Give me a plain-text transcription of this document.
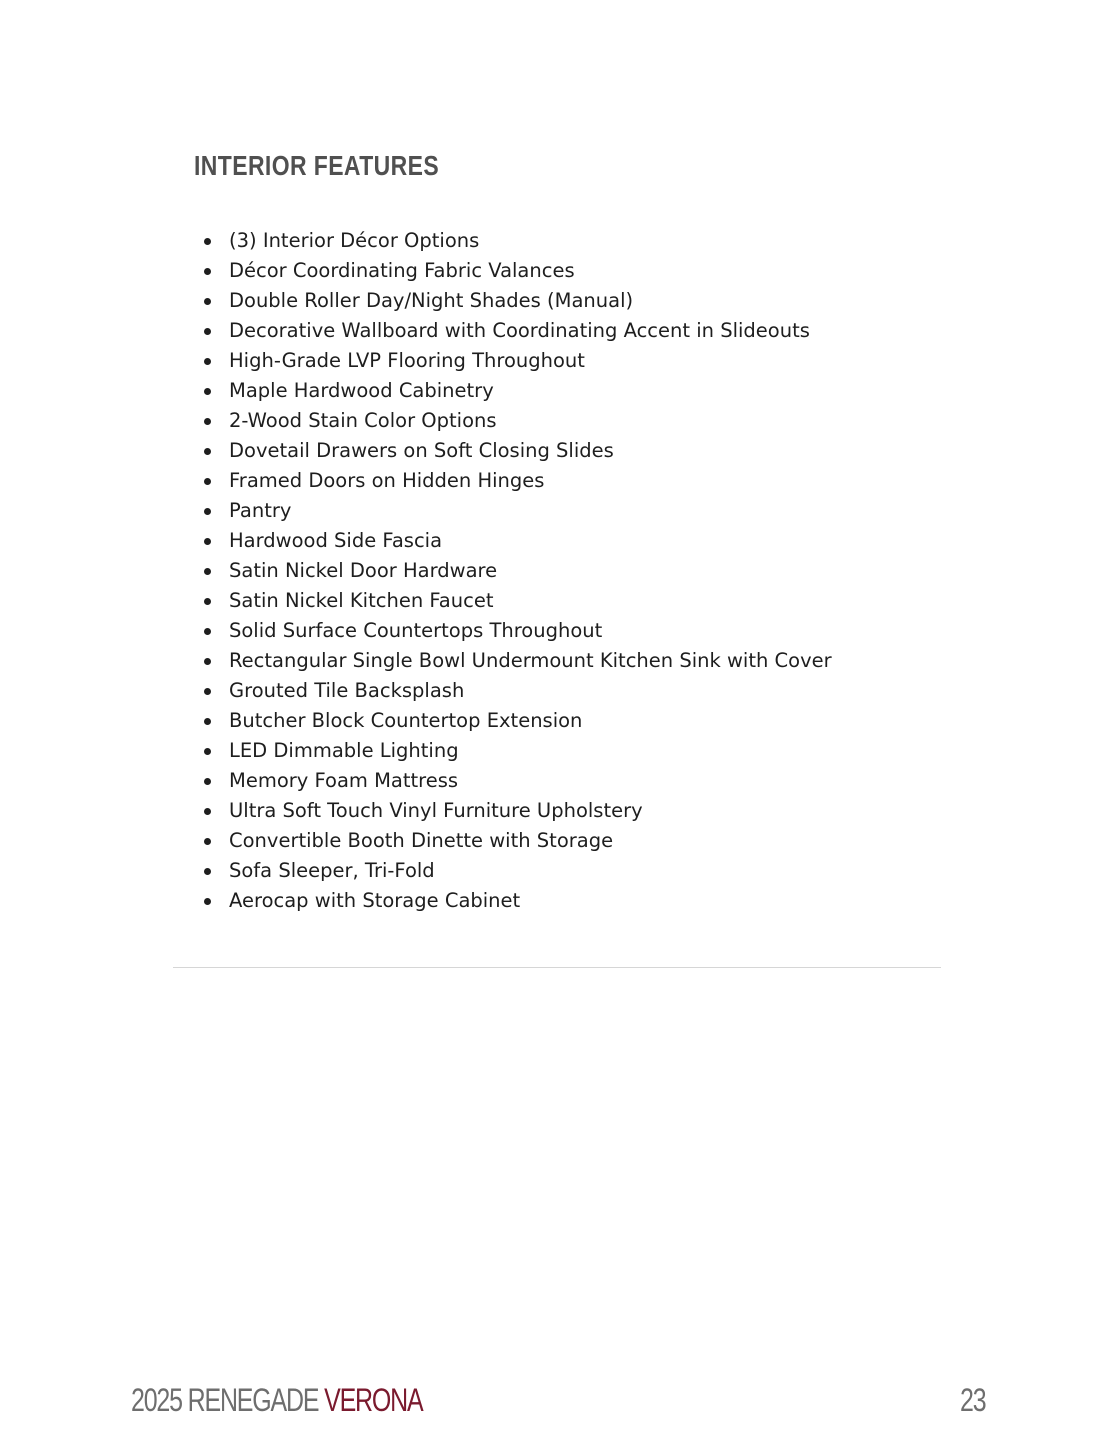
INTERIOR FEATURES
(3) Interior Décor Options
Décor Coordinating Fabric Valances
Double Roller Day/Night Shades (Manual)
Decorative Wallboard with Coordinating Accent in Slideouts
High-Grade LVP Flooring Throughout
Maple Hardwood Cabinetry
2-Wood Stain Color Options
Dovetail Drawers on Soft Closing Slides
Framed Doors on Hidden Hinges
Pantry
Hardwood Side Fascia
Satin Nickel Door Hardware
Satin Nickel Kitchen Faucet
Solid Surface Countertops Throughout
Rectangular Single Bowl Undermount Kitchen Sink with Cover
Grouted Tile Backsplash
Butcher Block Countertop Extension
LED Dimmable Lighting
Memory Foam Mattress
Ultra Soft Touch Vinyl Furniture Upholstery
Convertible Booth Dinette with Storage
Sofa Sleeper, Tri-Fold
Aerocap with Storage Cabinet
2025 RENEGADE VERONA	23
